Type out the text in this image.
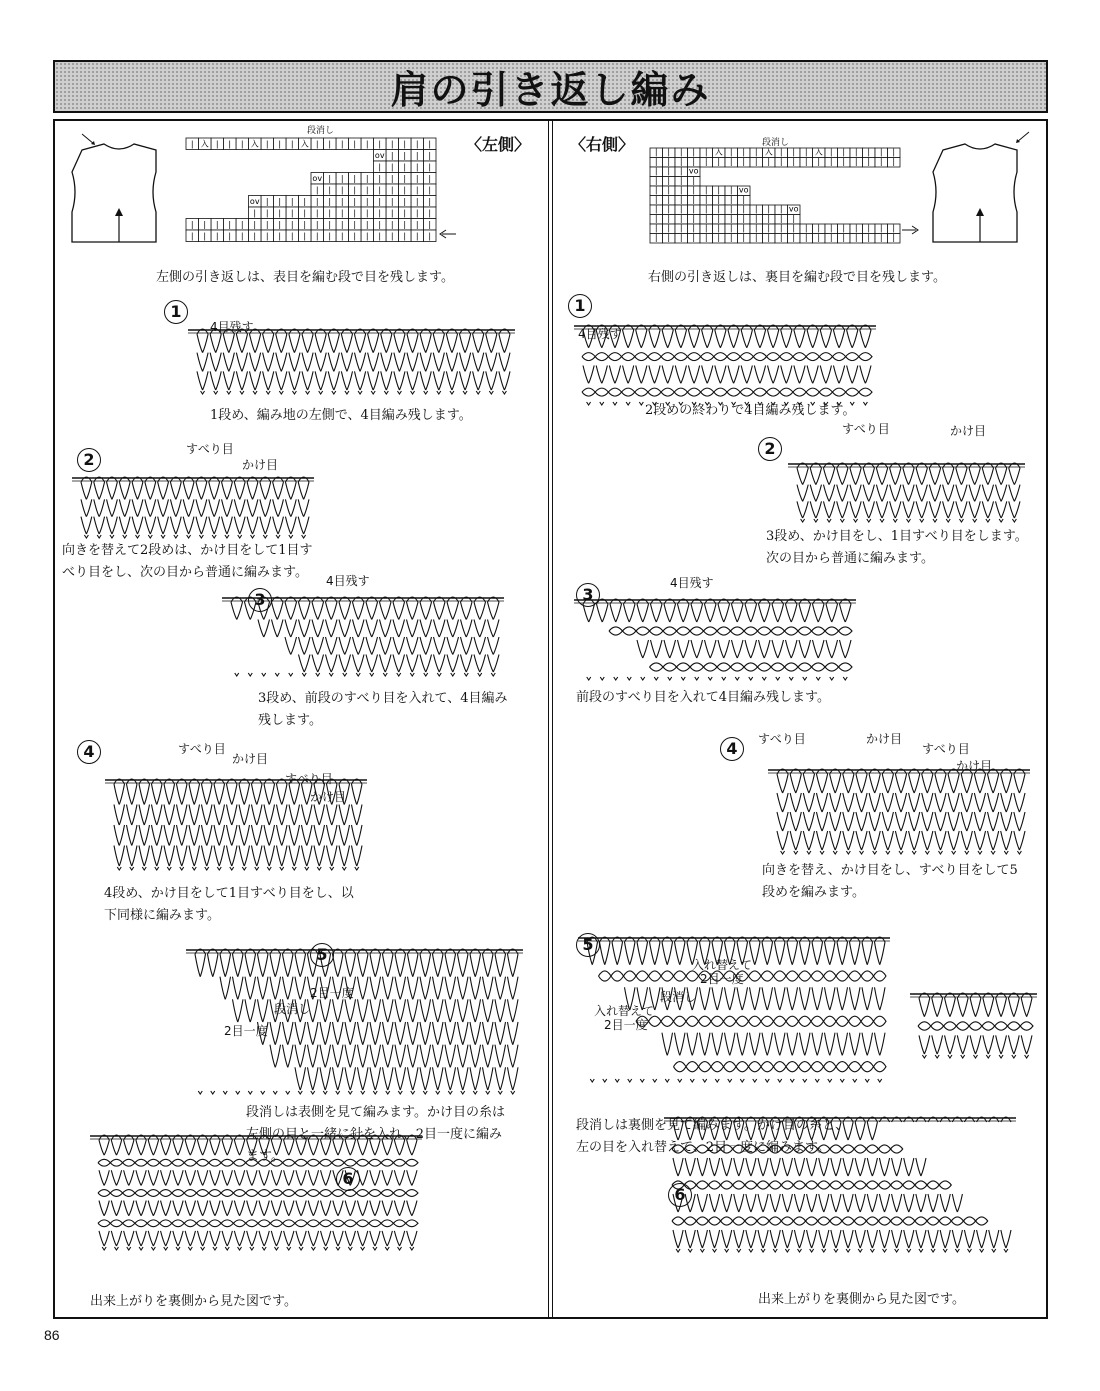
肩の引き返し編み
段消し
|
|
|
|
|
|
|
|
|
|
入
|
|
|
入
|
|
|
入
|
|
|
|
|
ov
|
|
|
|
|
|
|
|
|
|
|
|
|
|
ov
|
|
|
|
|
|
|
|
|
|
|
|
|
|
|
|
|
|
|
|
|
|
|
|
ov
|
|
|
|
|
|
|
|
|
|
|
|
|
|
|
|
|
|
|
|
|
|
|
|
|
|
|
|
|
|
|
|
|
|
|
|
|
|
|
|
|
|
|
|
|
|
|
|
|
|
|
|
|
|
|
〈左側〉
左側の引き返しは、表目を編む段で目を残します。
1
4目残す
1段め、編み地の左側で、4目編み残します。
2
すべり目
かけ目
向きを替えて2段めは、かけ目をして1目す
べり目をし、次の目から普通に編みます。
4目残す
3
3段め、前段のすべり目を入れて、4目編み
残します。
4	すべり目
かけ目
すべり目
かけ目
4段め、かけ目をして1目すべり目をし、以
下同様に編みます。
5
2目一度
段消し
2目一度
段消しは表側を見て編みます。かけ目の糸は
左側の目と一緒に針を入れ、2目一度に編み
ます。
6
出来上がりを裏側から見た図です。
〈右側〉	段消し
| | | | | 入 | | | 入 | | | 入 | | | | | |
| | | | | | | | | | | | | | | | | | | |
| | | vo
| | | |
| | | | | | | vo
| | | | | | | |
| | | | | | | | | | | vo
| | | | | | | | | | | |
| | | | | | | | | | | | | | | | | | | |
| | | | | | | | | | | | | | | | | | | |
右側の引き返しは、裏目を編む段で目を残します。
1
4目残す
2段めの終わりで4目編み残します。
すべり目	かけ目
2
3段め、かけ目をし、1目すべり目をします。
次の目から普通に編みます。
3
4目残す
前段のすべり目を入れて4目編み残します。
すべり目	かけ目
すべり目
かけ目
4
向きを替え、かけ目をし、すべり目をして5
段めを編みます。
5
入れ替えて
2目一度
段消し
入れ替えて
2目一度
段消しは裏側を見て編みます。かけ目の糸と、
左の目を入れ替えて、2目一度に編みます。
6
出来上がりを裏側から見た図です。
86
